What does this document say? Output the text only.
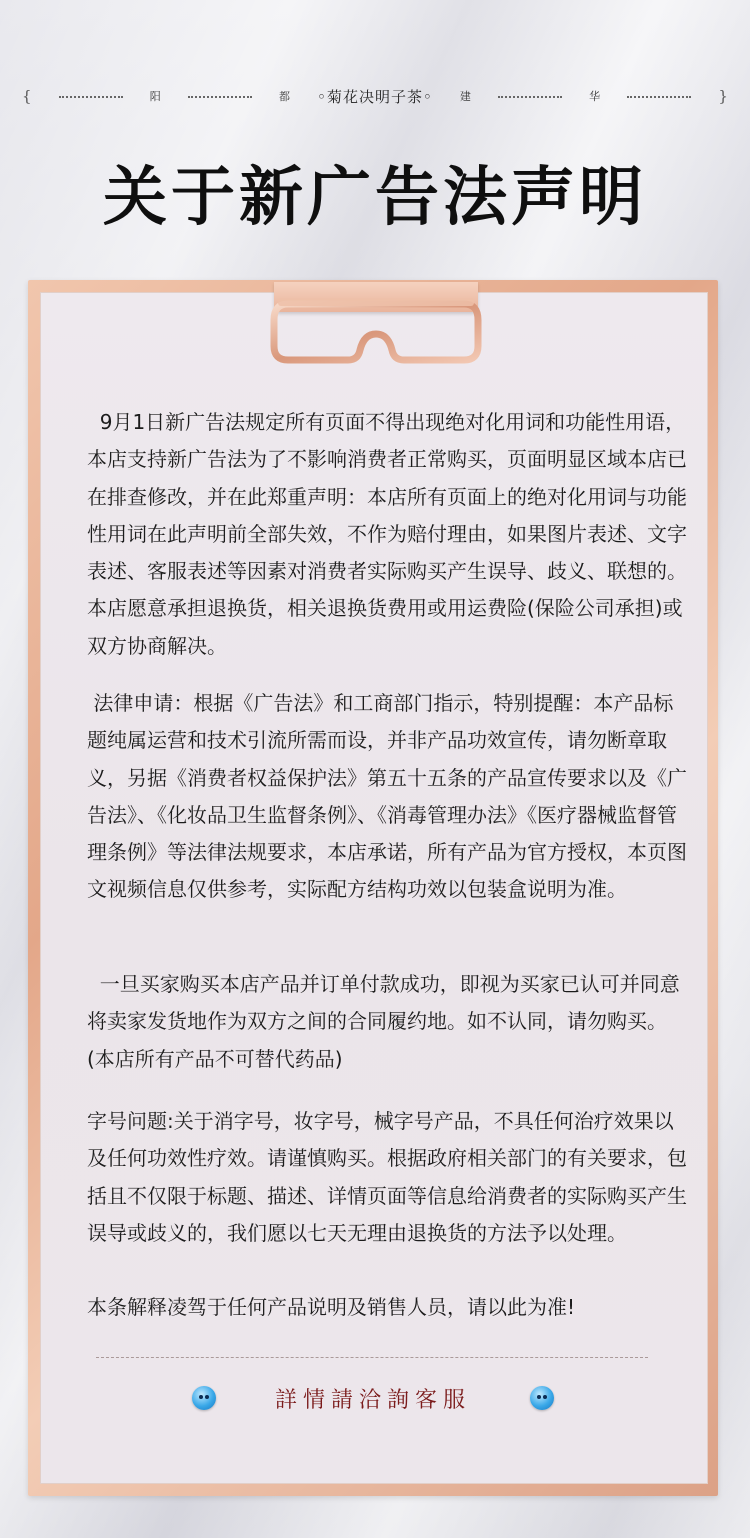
{	阳	都 ◦菊花决明子茶◦ 建	华	}
关于新广告法声明

9月1日新广告法规定所有页面不得出现绝对化用词和功能性用语，本店支持新广告法为了不影响消费者正常购买，页面明显区域本店已在排查修改，并在此郑重声明：本店所有页面上的绝对化用词与功能性用词在此声明前全部失效，不作为赔付理由，如果图片表述、文字表述、客服表述等因素对消费者实际购买产生误导、歧义、联想的。本店愿意承担退换货，相关退换货费用或用运费险(保险公司承担)或双方协商解决。

法律申请：根据《广告法》和工商部门指示，特别提醒：本产品标题纯属运营和技术引流所需而设，并非产品功效宣传，请勿断章取义，另据《消费者权益保护法》第五十五条的产品宣传要求以及《广告法》、《化妆品卫生监督条例》、《消毒管理办法》《医疗器械监督管理条例》等法律法规要求，本店承诺，所有产品为官方授权，本页图文视频信息仅供参考，实际配方结构功效以包装盒说明为准。

一旦买家购买本店产品并订单付款成功，即视为买家已认可并同意将卖家发货地作为双方之间的合同履约地。如不认同，请勿购买。(本店所有产品不可替代药品)

字号问题:关于消字号，妆字号，械字号产品，不具任何治疗效果以及任何功效性疗效。请谨慎购买。根据政府相关部门的有关要求，包括且不仅限于标题、描述、详情页面等信息给消费者的实际购买产生误导或歧义的，我们愿以七天无理由退换货的方法予以处理。

本条解释凌驾于任何产品说明及销售人员，请以此为准!

詳情請洽詢客服
